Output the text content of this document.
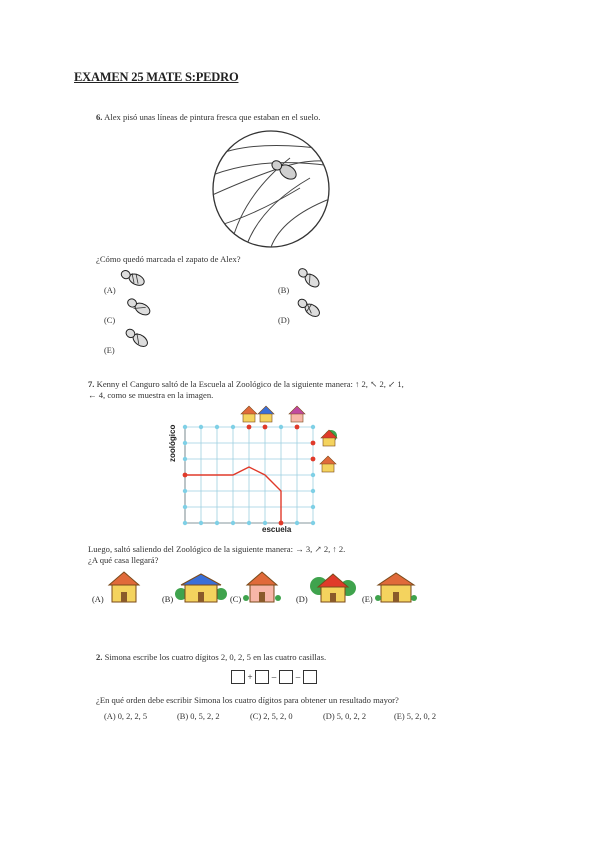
EXAMEN 25 MATE S:PEDRO
6. Alex pisó unas líneas de pintura fresca que estaban en el suelo.
¿Cómo quedó marcada el zapato de Alex?
(A)	(B)
(C)	(D)
(E)
7. Kenny el Canguro saltó de la Escuela al Zoológico de la siguiente manera: ↑ 2, ↖ 2, ↙ 1,
← 4, como se muestra en la imagen.
zoológico
escuela
Luego, saltó saliendo del Zoológico de la siguiente manera: → 3, ↗ 2, ↑ 2.
¿A qué casa llegará?
(A)	(B)	(C)	(D)	(E)
2. Simona escribe los cuatro dígitos 2, 0, 2, 5 en las cuatro casillas.
+ – –
¿En qué orden debe escribir Simona los cuatro dígitos para obtener un resultado mayor?
(A) 0, 2, 2, 5	(B) 0, 5, 2, 2	(C) 2, 5, 2, 0	(D) 5, 0, 2, 2	(E) 5, 2, 0, 2
